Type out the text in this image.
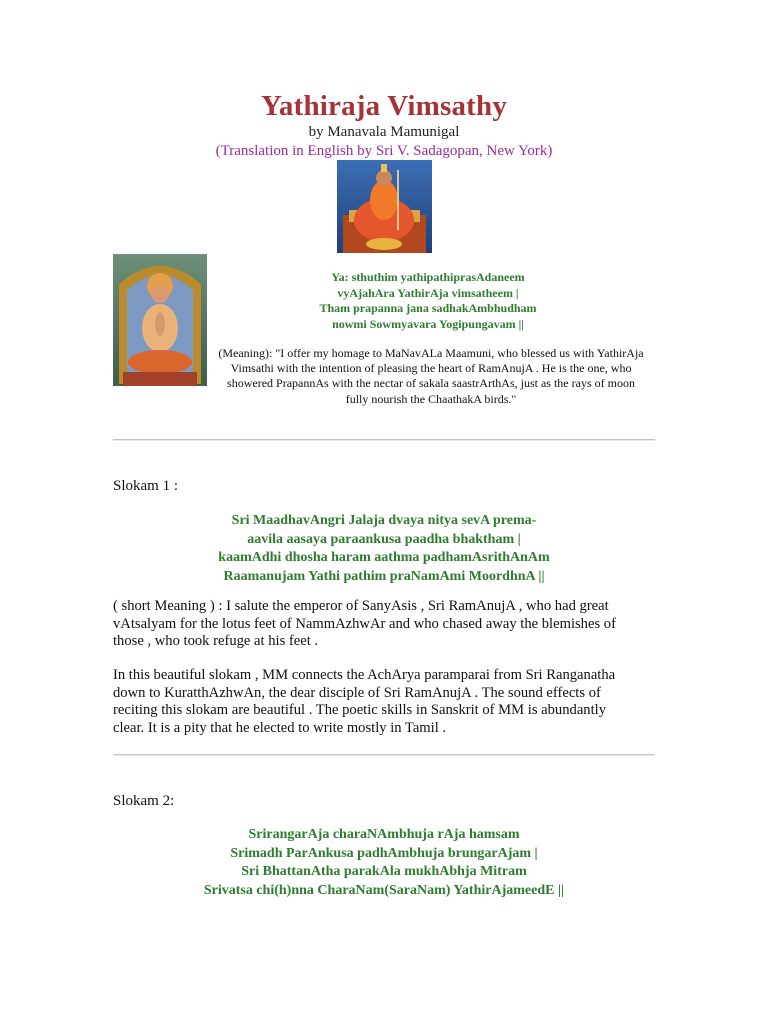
Yathiraja Vimsathy
by Manavala Mamunigal
(Translation in English by Sri V. Sadagopan, New York)
Ya: sthuthim yathipathiprasAdaneem
vyAjahAra YathirAja vimsatheem |
Tham prapanna jana sadhakAmbhudham
nowmi Sowmyavara Yogipungavam ||
(Meaning): "I offer my homage to MaNavALa Maamuni, who blessed us with YathirAja
Vimsathi with the intention of pleasing the heart of RamAnujA . He is the one, who
showered PrapannAs with the nectar of sakala saastrArthAs, just as the rays of moon
fully nourish the ChaathakA birds."
Slokam 1 :
Sri MaadhavAngri Jalaja dvaya nitya sevA prema-
aavila aasaya paraankusa paadha bhaktham |
kaamAdhi dhosha haram aathma padhamAsrithAnAm
Raamanujam Yathi pathim praNamAmi MoordhnA ||
( short Meaning ) : I salute the emperor of SanyAsis , Sri RamAnujA , who had great
vAtsalyam for the lotus feet of NammAzhwAr and who chased away the blemishes of
those , who took refuge at his feet .
In this beautiful slokam , MM connects the AchArya paramparai from Sri Ranganatha
down to KuratthAzhwAn, the dear disciple of Sri RamAnujA . The sound effects of
reciting this slokam are beautiful . The poetic skills in Sanskrit of MM is abundantly
clear. It is a pity that he elected to write mostly in Tamil .
Slokam 2:
SrirangarAja charaNAmbhuja rAja hamsam
Srimadh ParAnkusa padhAmbhuja brungarAjam |
Sri BhattanAtha parakAla mukhAbhja Mitram
Srivatsa chi(h)nna CharaNam(SaraNam) YathirAjameedE ||
